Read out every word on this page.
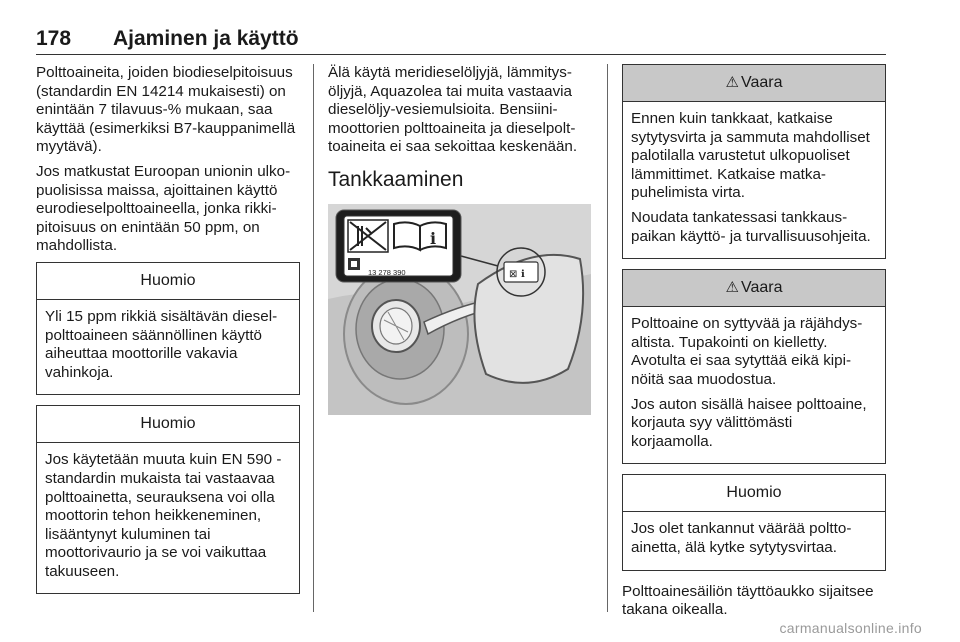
178 Ajaminen ja käyttö

Polttoaineita, joiden biodieselpitoisuus (standardin EN 14214 mukaisesti) on enintään 7 tilavuus-% mukaan, saa käyttää (esimerkiksi B7-kauppanimellä myytävä).

Jos matkustat Euroopan unionin ulkopuolisissa maissa, ajoittainen käyttö eurodieselpolttoaineella, jonka rikkipitoisuus on enintään 50 ppm, on mahdollista.

Huomio

Yli 15 ppm rikkiä sisältävän dieselpolttoaineen säännöllinen käyttö aiheuttaa moottorille vakavia vahinkoja.

Huomio

Jos käytetään muuta kuin EN 590 -standardin mukaista tai vastaavaa polttoainetta, seurauksena voi olla moottorin tehon heikkeneminen, lisääntynyt kuluminen tai moottorivaurio ja se voi vaikuttaa takuuseen.

Älä käytä meridieselöljyjä, lämmitysöljyjä, Aquazolea tai muita vastaavia dieselöljy-vesiemulsioita. Bensiinimoottorien polttoaineita ja dieselpolttoaineita ei saa sekoittaa keskenään.

Tankkaaminen
⊠ ℹ
i
13 278 390
⚠ Vaara

Ennen kuin tankkaat, katkaise sytytysvirta ja sammuta mahdolliset palotilalla varustetut ulkopuoliset lämmittimet. Katkaise matkapuhelimista virta.

Noudata tankatessasi tankkauspaikan käyttö- ja turvallisuusohjeita.

⚠ Vaara

Polttoaine on syttyvää ja räjähdysaltista. Tupakointi on kielletty. Avotulta ei saa sytyttää eikä kipinöitä saa muodostua.

Jos auton sisällä haisee polttoaine, korjauta syy välittömästi korjaamolla.

Huomio

Jos olet tankannut väärää polttoainetta, älä kytke sytytysvirtaa.

Polttoainesäiliön täyttöaukko sijaitsee takana oikealla.

carmanualsonline.info
